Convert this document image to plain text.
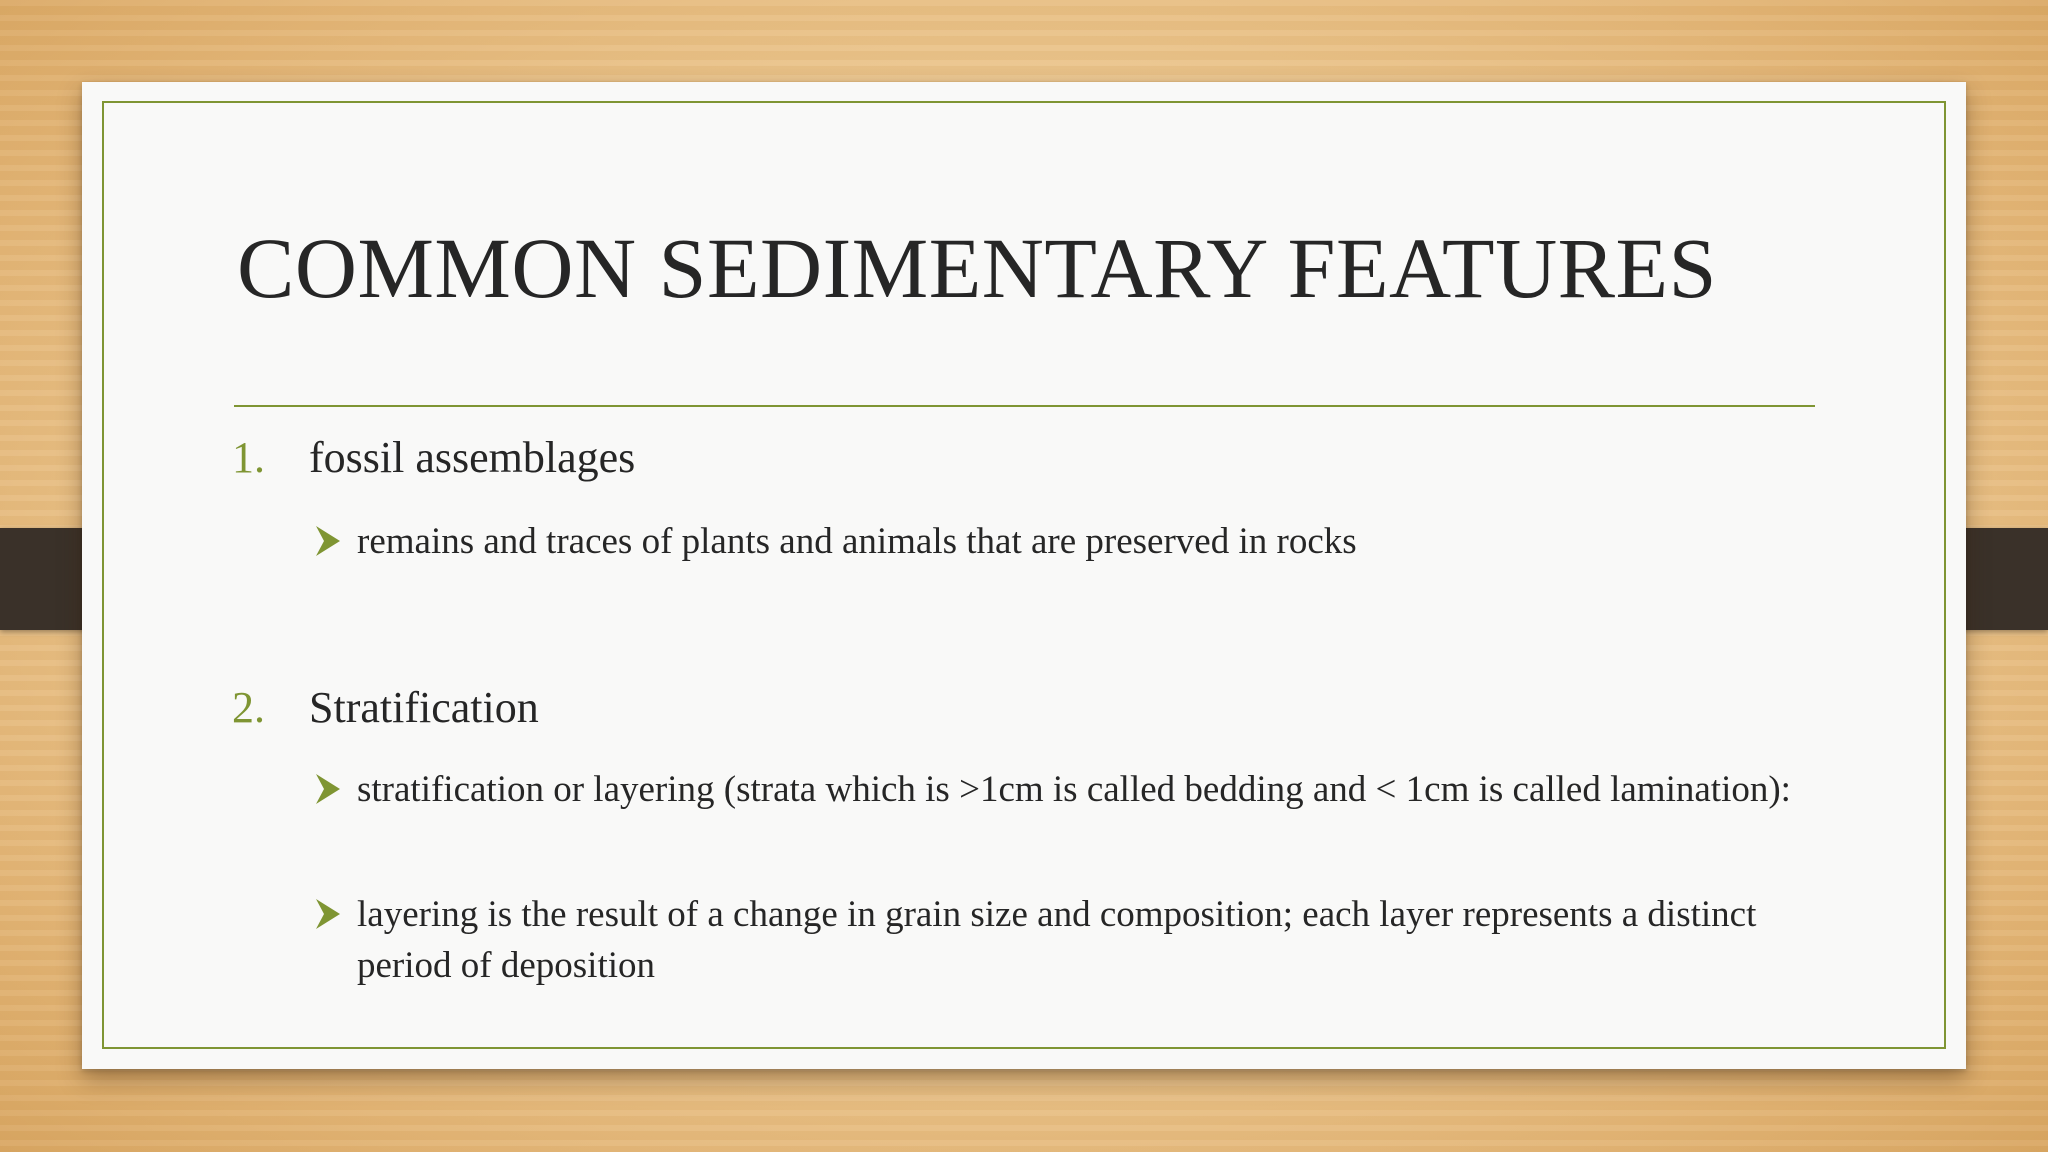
COMMON SEDIMENTARY FEATURES
1. fossil assemblages
remains and traces of plants and animals that are preserved in rocks
2. Stratification
stratification or layering (strata which is >1cm is called bedding and < 1cm is called lamination):
layering is the result of a change in grain size and composition; each layer represents a distinct period of deposition
